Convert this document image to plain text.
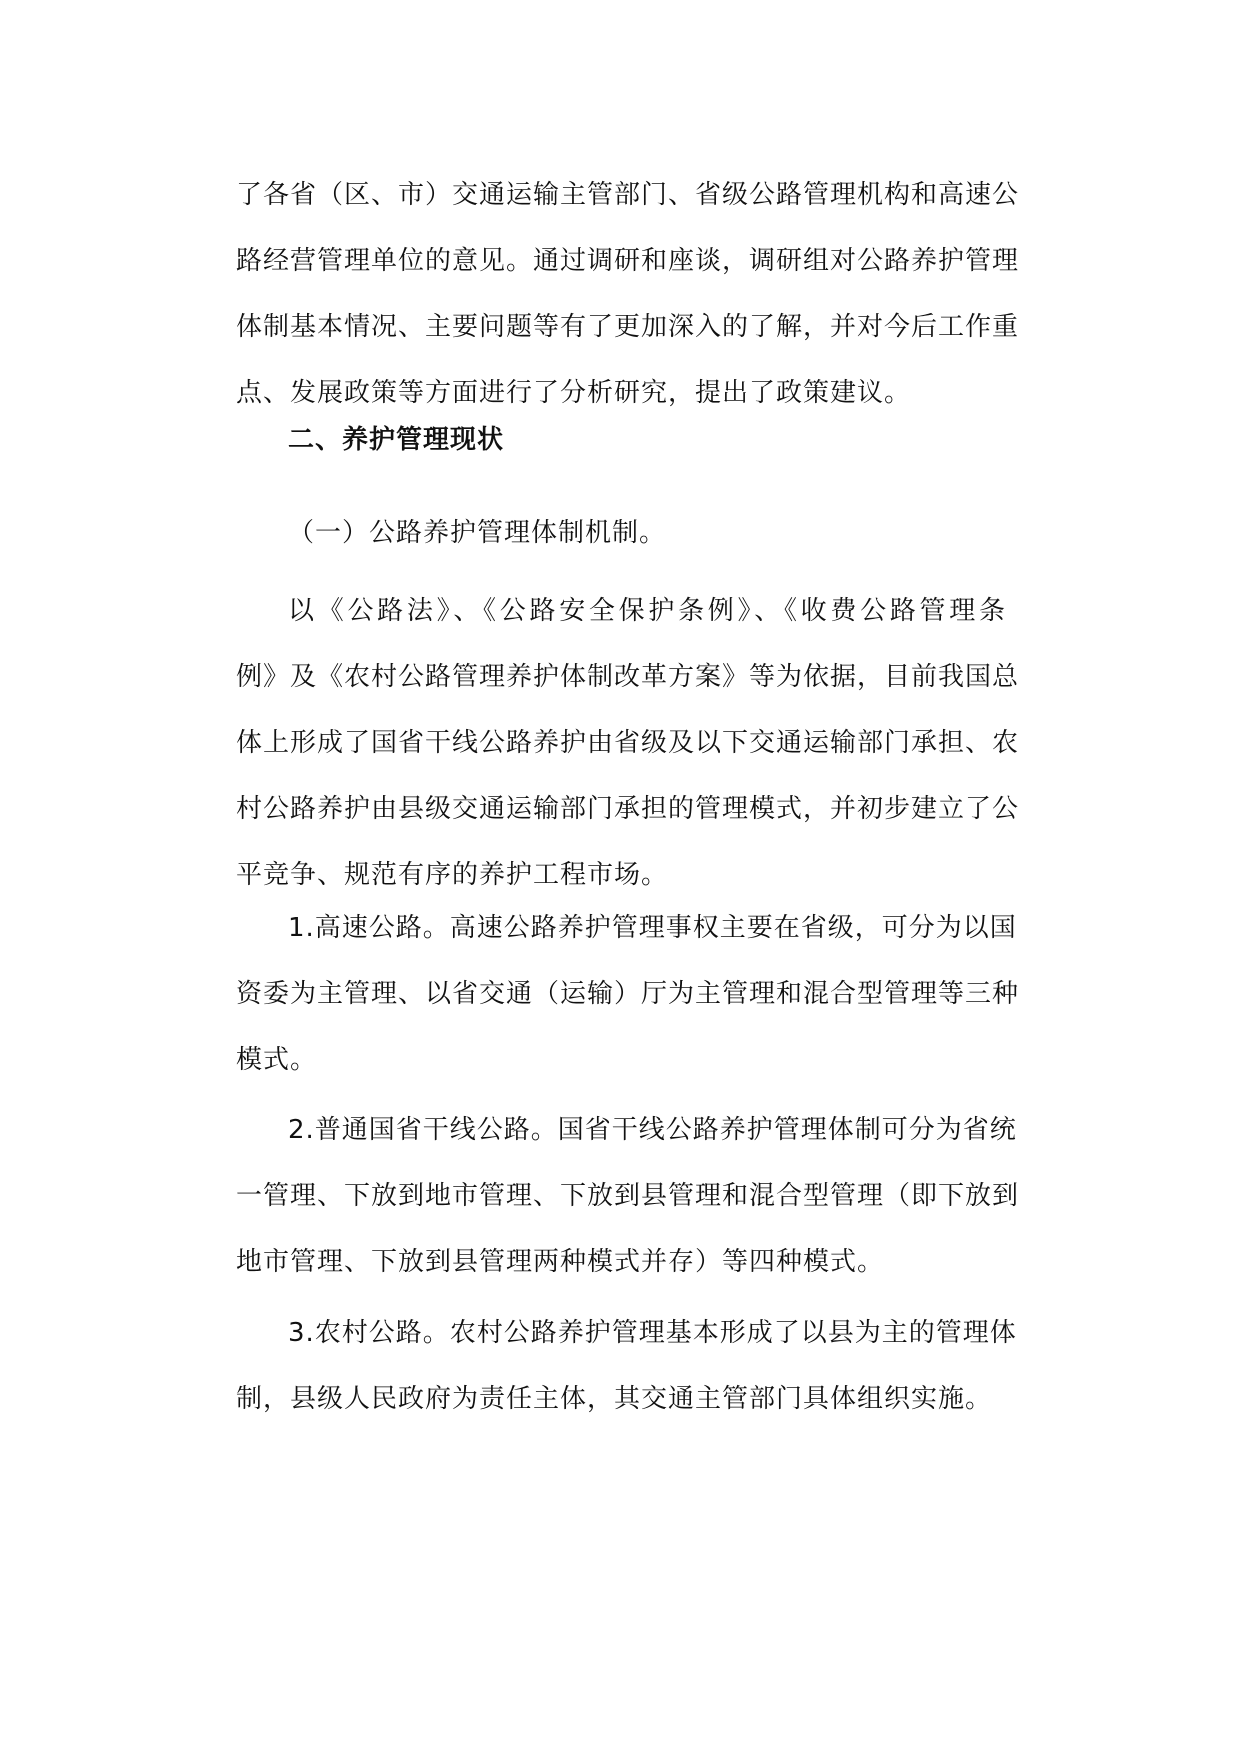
了各省（区、市）交通运输主管部门、省级公路管理机构和高速公
路经营管理单位的意见。通过调研和座谈，调研组对公路养护管理
体制基本情况、主要问题等有了更加深入的了解，并对今后工作重
点、发展政策等方面进行了分析研究，提出了政策建议。
二、养护管理现状
（一）公路养护管理体制机制。
以《公路法》、《公路安全保护条例》、《收费公路管理条
例》及《农村公路管理养护体制改革方案》等为依据，目前我国总
体上形成了国省干线公路养护由省级及以下交通运输部门承担、农
村公路养护由县级交通运输部门承担的管理模式，并初步建立了公
平竞争、规范有序的养护工程市场。
1.高速公路。高速公路养护管理事权主要在省级，可分为以国
资委为主管理、以省交通（运输）厅为主管理和混合型管理等三种
模式。
2.普通国省干线公路。国省干线公路养护管理体制可分为省统
一管理、下放到地市管理、下放到县管理和混合型管理（即下放到
地市管理、下放到县管理两种模式并存）等四种模式。
3.农村公路。农村公路养护管理基本形成了以县为主的管理体
制，县级人民政府为责任主体，其交通主管部门具体组织实施。
